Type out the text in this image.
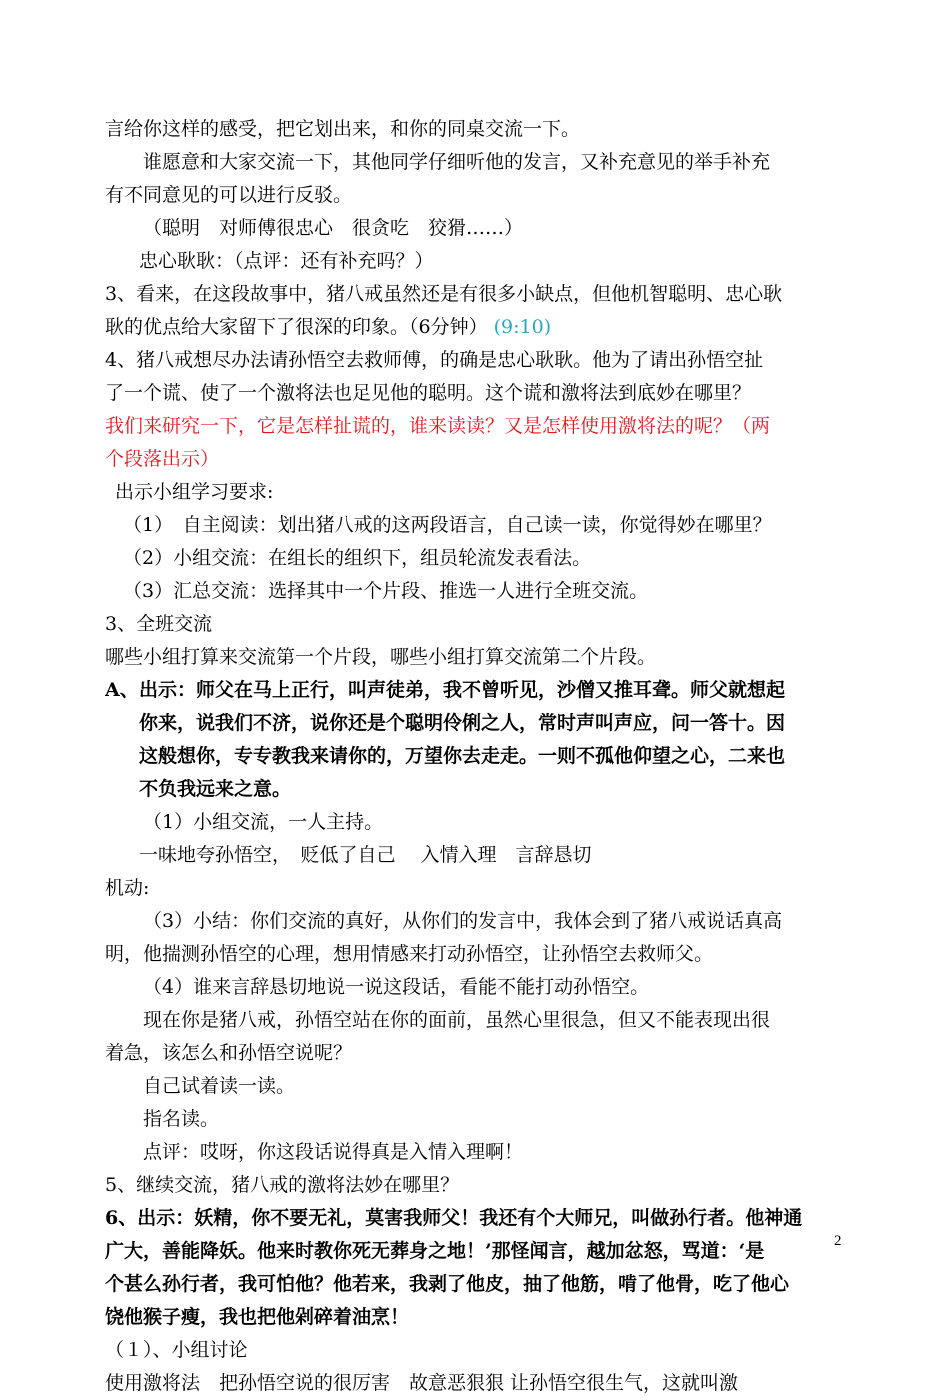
言给你这样的感受，把它划出来，和你的同桌交流一下。
谁愿意和大家交流一下，其他同学仔细听他的发言，又补充意见的举手补充
有不同意见的可以进行反驳。
（聪明　对师傅很忠心　很贪吃　狡猾……）
忠心耿耿：（点评：还有补充吗？）
3、看来，在这段故事中，猪八戒虽然还是有很多小缺点，但他机智聪明、忠心耿
耿的优点给大家留下了很深的印象。（6分钟） (9:10)
4、猪八戒想尽办法请孙悟空去救师傅，的确是忠心耿耿。他为了请出孙悟空扯
了一个谎、使了一个激将法也足见他的聪明。这个谎和激将法到底妙在哪里？
我们来研究一下，它是怎样扯谎的，谁来读读？又是怎样使用激将法的呢？（两
个段落出示）
出示小组学习要求:
（1）　自主阅读：划出猪八戒的这两段语言，自己读一读，你觉得妙在哪里？
（2）小组交流：在组长的组织下，组员轮流发表看法。
（3）汇总交流：选择其中一个片段、推选一人进行全班交流。
3、全班交流
哪些小组打算来交流第一个片段，哪些小组打算交流第二个片段。
A、出示：师父在马上正行，叫声徒弟，我不曾听见，沙僧又推耳聋。师父就想起
你来，说我们不济，说你还是个聪明伶俐之人，常时声叫声应，问一答十。因
这般想你，专专教我来请你的，万望你去走走。一则不孤他仰望之心，二来也
不负我远来之意。
（1）小组交流，一人主持。
一味地夸孙悟空，　贬低了自己　 入情入理　言辞恳切
机动:
（3）小结：你们交流的真好，从你们的发言中，我体会到了猪八戒说话真高
明，他揣测孙悟空的心理，想用情感来打动孙悟空，让孙悟空去救师父。
（4）谁来言辞恳切地说一说这段话，看能不能打动孙悟空。
现在你是猪八戒，孙悟空站在你的面前，虽然心里很急，但又不能表现出很
着急，该怎么和孙悟空说呢？
自己试着读一读。
指名读。
点评：哎呀，你这段话说得真是入情入理啊！
5、继续交流，猪八戒的激将法妙在哪里？
6、出示：妖精，你不要无礼，莫害我师父！我还有个大师兄，叫做孙行者。他神通
广大，善能降妖。他来时教你死无葬身之地！’那怪闻言，越加忿怒，骂道：‘是
个甚么孙行者，我可怕他？他若来，我剥了他皮，抽了他筋，啃了他骨，吃了他心
饶他猴子瘦，我也把他剁碎着油烹！
（１）、小组讨论
使用激将法　把孙悟空说的很厉害　故意恶狠狠 让孙悟空很生气，这就叫激
2
